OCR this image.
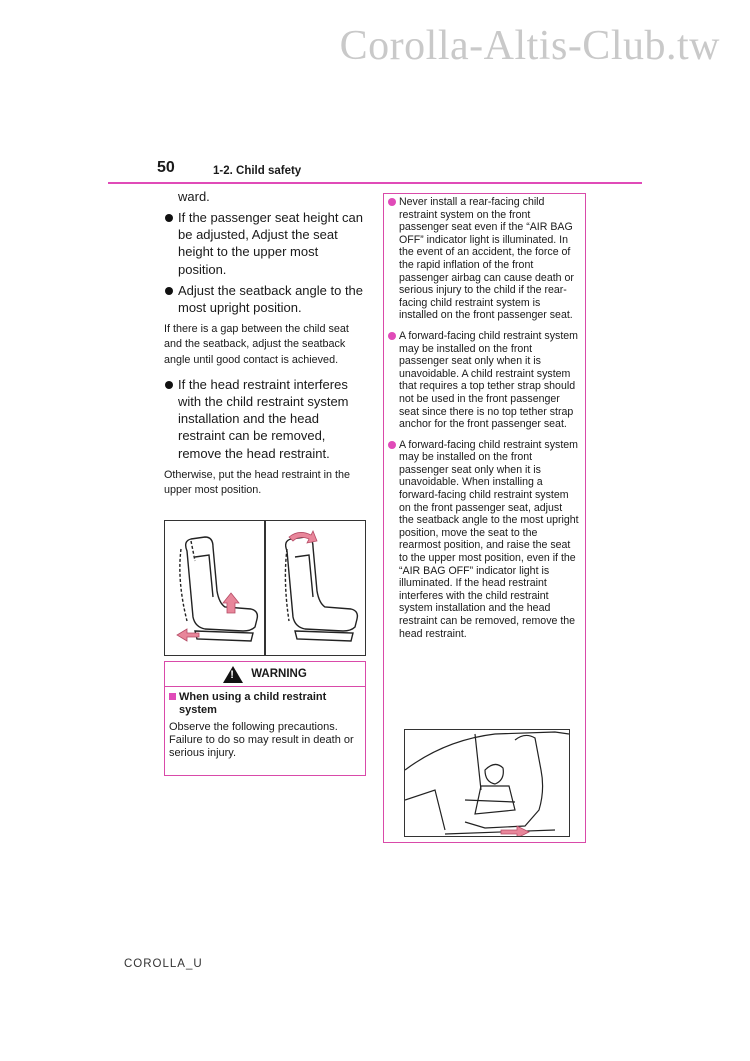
Corolla-Altis-Club.tw
50	1-2. Child safety

ward.

If the passenger seat height can be adjusted, Adjust the seat height to the upper most position.

Adjust the seatback angle to the most upright position.

If there is a gap between the child seat and the seatback, adjust the seatback angle until good contact is achieved.

If the head restraint interferes with the child restraint system installation and the head restraint can be removed, remove the head restraint.

Otherwise, put the head restraint in the upper most position.

! WARNING
When using a child restraint system
Observe the following precautions.
Failure to do so may result in death or serious injury.
Never install a rear-facing child restraint system on the front passenger seat even if the “AIR BAG OFF” indicator light is illuminated. In the event of an accident, the force of the rapid inflation of the front passenger airbag can cause death or serious injury to the child if the rear-facing child restraint system is installed on the front passenger seat.
A forward-facing child restraint system may be installed on the front passenger seat only when it is unavoidable. A child restraint system that requires a top tether strap should not be used in the front passenger seat since there is no top tether strap anchor for the front passenger seat.
A forward-facing child restraint system may be installed on the front passenger seat only when it is unavoidable. When installing a forward-facing child restraint system on the front passenger seat, adjust the seatback angle to the most upright position, move the seat to the rearmost position, and raise the seat to the upper most position, even if the “AIR BAG OFF” indicator light is illuminated. If the head restraint interferes with the child restraint system installation and the head restraint can be removed, remove the head restraint.
COROLLA_U
